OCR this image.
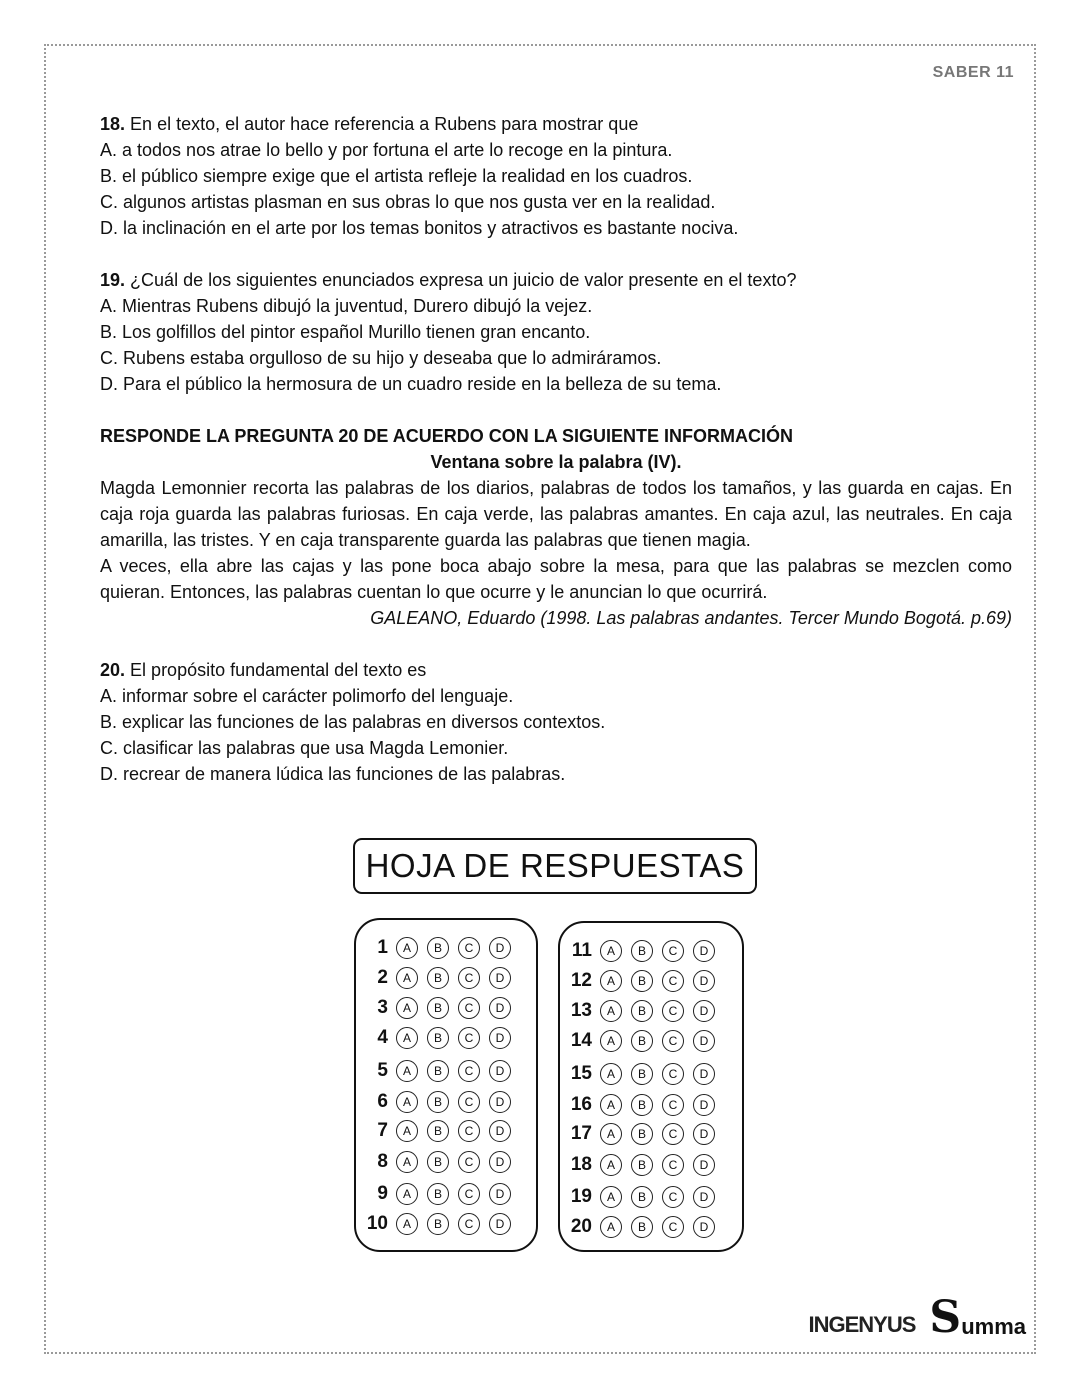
SABER 11

18. En el texto, el autor hace referencia a Rubens para mostrar que

A. a todos nos atrae lo bello y por fortuna el arte lo recoge en la pintura.

B. el público siempre exige que el artista refleje la realidad en los cuadros.

C. algunos artistas plasman en sus obras lo que nos gusta ver en la realidad.

D. la inclinación en el arte por los temas bonitos y atractivos es bastante nociva.

19. ¿Cuál de los siguientes enunciados expresa un juicio de valor presente en el texto?

A. Mientras Rubens dibujó la juventud, Durero dibujó la vejez.

B. Los golfillos del pintor español Murillo tienen gran encanto.

C. Rubens estaba orgulloso de su hijo y deseaba que lo admiráramos.

D. Para el público la hermosura de un cuadro reside en la belleza de su tema.

RESPONDE LA PREGUNTA 20 DE ACUERDO CON LA SIGUIENTE INFORMACIÓN

Ventana sobre la palabra (IV).

Magda Lemonnier recorta las palabras de los diarios, palabras de todos los tamaños, y las guarda en cajas. En caja roja guarda las palabras furiosas. En caja verde, las palabras amantes. En caja azul, las neutrales. En caja amarilla, las tristes. Y en caja transparente guarda las palabras que tienen magia.

A veces, ella abre las cajas y las pone boca abajo sobre la mesa, para que las palabras se mezclen como quieran. Entonces, las palabras cuentan lo que ocurre y le anuncian lo que ocurrirá.

GALEANO, Eduardo (1998. Las palabras andantes. Tercer Mundo Bogotá. p.69)

20. El propósito fundamental del texto es

A. informar sobre el carácter polimorfo del lenguaje.

B. explicar las funciones de las palabras en diversos contextos.

C. clasificar las palabras que usa Magda Lemonier.

D. recrear de manera lúdica las funciones de las palabras.

HOJA DE RESPUESTAS
1	A	B	C	D
2	A	B	C	D
3	A	B	C	D
4	A	B	C	D
5	A	B	C	D
6	A	B	C	D
7	A	B	C	D
8	A	B	C	D
9	A	B	C	D
10	A	B	C	D
11	A	B	C	D
12	A	B	C	D
13	A	B	C	D
14	A	B	C	D
15	A	B	C	D
16	A	B	C	D
17	A	B	C	D
18	A	B	C	D
19	A	B	C	D
20	A	B	C	D
INGENYUS S umma
